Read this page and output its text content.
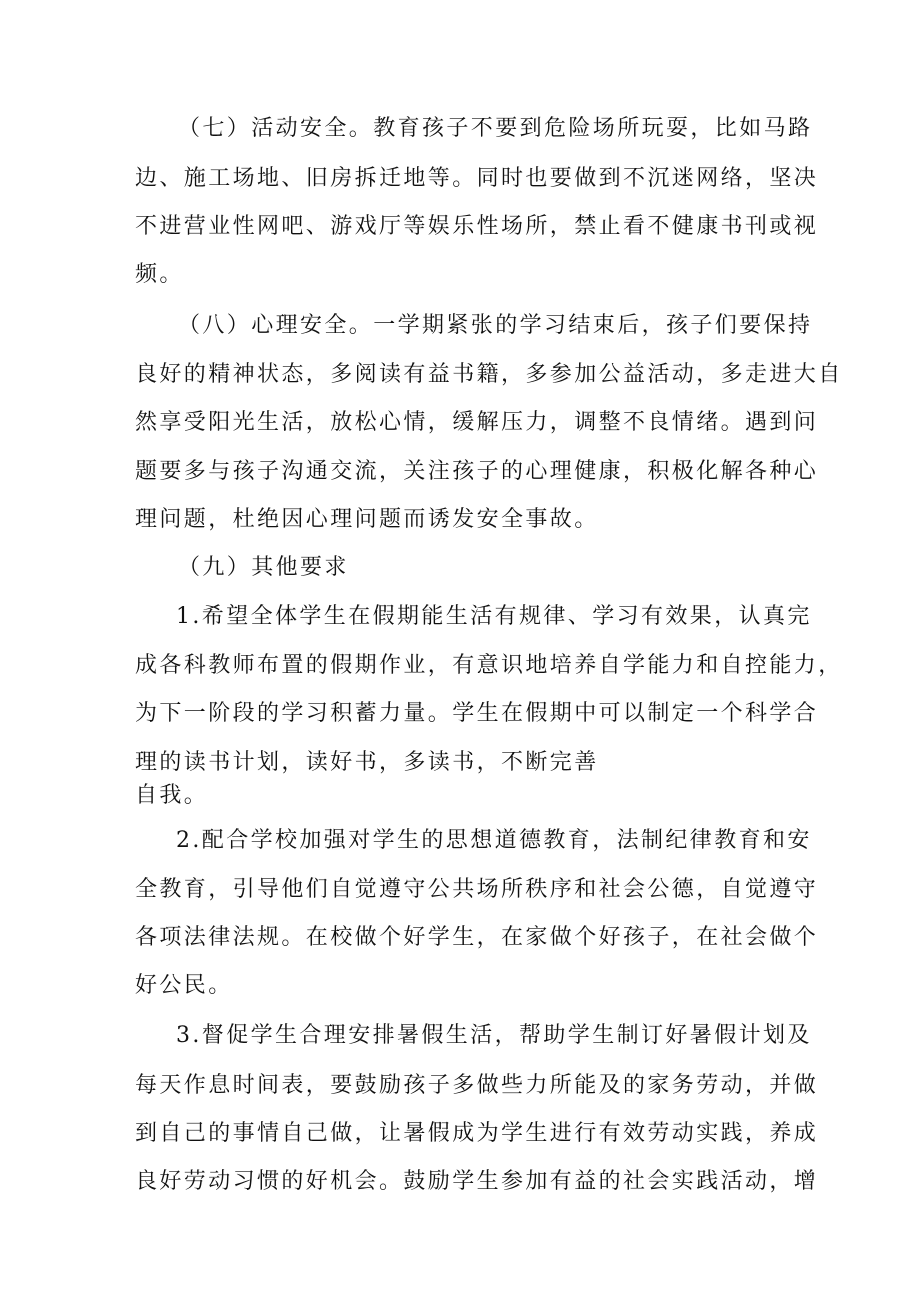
（七）活动安全。教育孩子不要到危险场所玩耍，比如马路
边、施工场地、旧房拆迁地等。同时也要做到不沉迷网络，坚决
不进营业性网吧、游戏厅等娱乐性场所，禁止看不健康书刊或视
频。
（八）心理安全。一学期紧张的学习结束后，孩子们要保持
良好的精神状态，多阅读有益书籍，多参加公益活动，多走进大自
然享受阳光生活，放松心情，缓解压力，调整不良情绪。遇到问
题要多与孩子沟通交流，关注孩子的心理健康，积极化解各种心
理问题，杜绝因心理问题而诱发安全事故。
（九）其他要求
1.希望全体学生在假期能生活有规律、学习有效果，认真完
成各科教师布置的假期作业，有意识地培养自学能力和自控能力，
为下一阶段的学习积蓄力量。学生在假期中可以制定一个科学合
理的读书计划，读好书，多读书，不断完善
自我。
2.配合学校加强对学生的思想道德教育，法制纪律教育和安
全教育，引导他们自觉遵守公共场所秩序和社会公德，自觉遵守
各项法律法规。在校做个好学生，在家做个好孩子，在社会做个
好公民。
3.督促学生合理安排暑假生活，帮助学生制订好暑假计划及
每天作息时间表，要鼓励孩子多做些力所能及的家务劳动，并做
到自己的事情自己做，让暑假成为学生进行有效劳动实践，养成
良好劳动习惯的好机会。鼓励学生参加有益的社会实践活动，增
